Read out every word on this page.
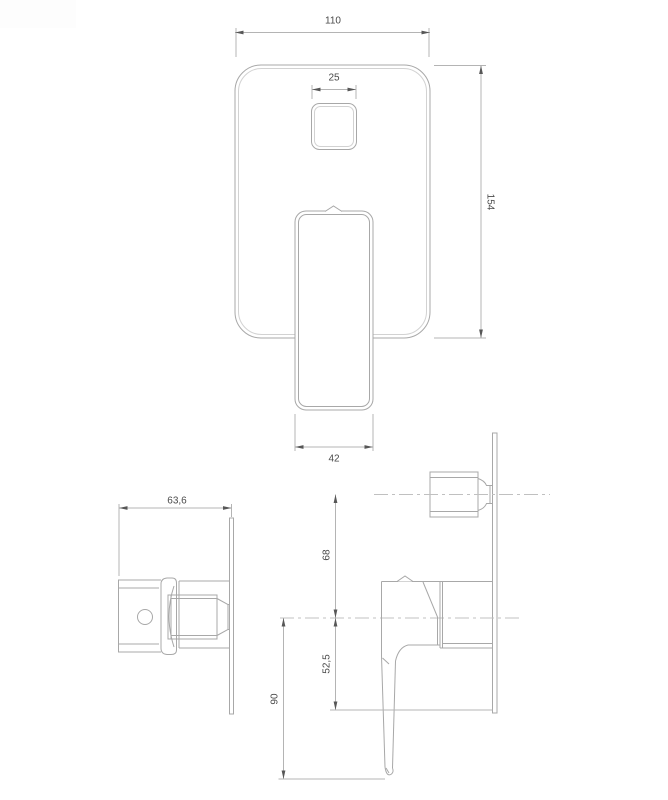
110
25
154
42
63,6
68
52,5
90
